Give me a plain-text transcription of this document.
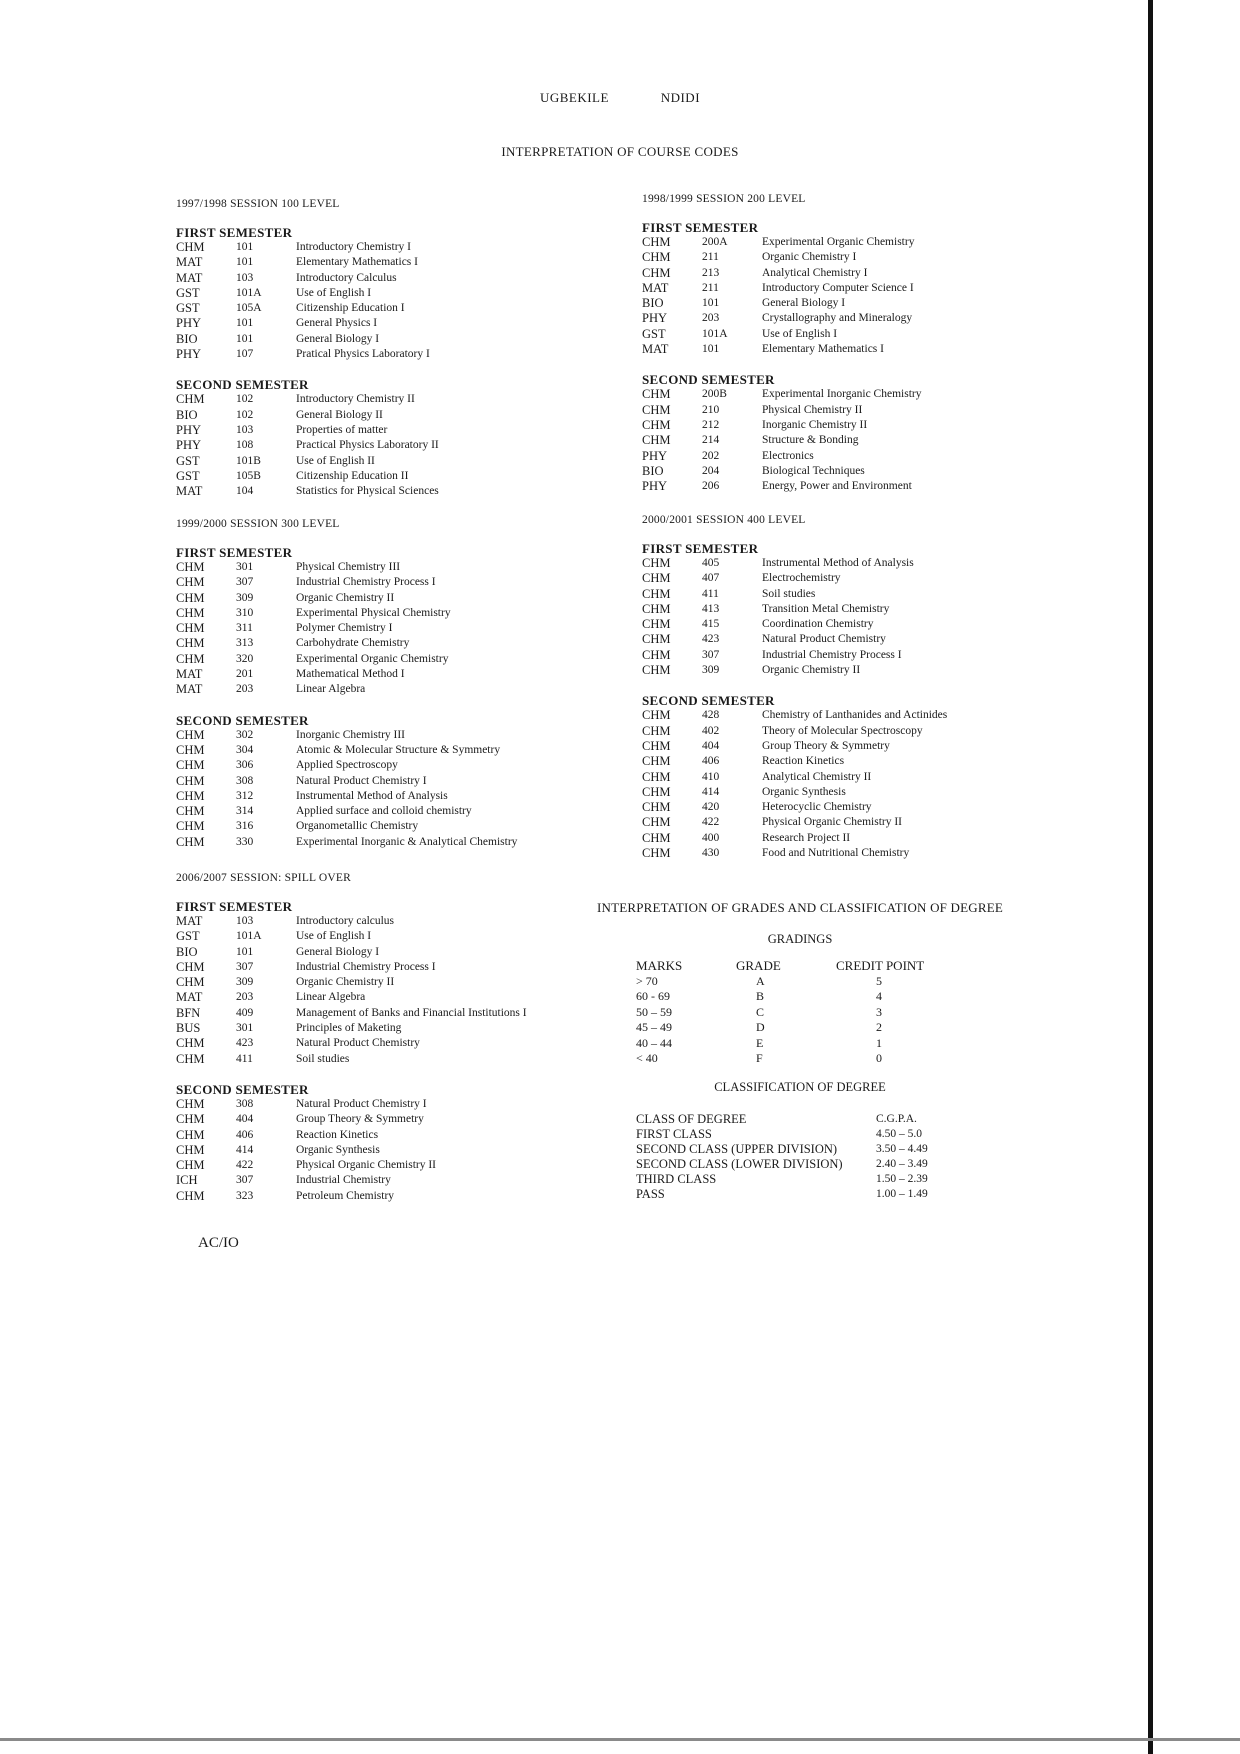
UGBEKILE	NDIDI
INTERPRETATION OF COURSE CODES
1997/1998 SESSION 100 LEVEL
FIRST SEMESTER
CHM	101	Introductory Chemistry I
MAT	101	Elementary Mathematics I
MAT	103	Introductory Calculus
GST	101A	Use of English I
GST	105A	Citizenship Education I
PHY	101	General Physics I
BIO	101	General Biology I
PHY	107	Pratical Physics Laboratory I
SECOND SEMESTER
CHM	102	Introductory Chemistry II
BIO	102	General Biology II
PHY	103	Properties of matter
PHY	108	Practical Physics Laboratory II
GST	101B	Use of English II
GST	105B	Citizenship Education II
MAT	104	Statistics for Physical Sciences
1998/1999 SESSION 200 LEVEL
FIRST SEMESTER
CHM	200A	Experimental Organic Chemistry
CHM	211	Organic Chemistry I
CHM	213	Analytical Chemistry I
MAT	211	Introductory Computer Science I
BIO	101	General Biology I
PHY	203	Crystallography and Mineralogy
GST	101A	Use of English I
MAT	101	Elementary Mathematics I
SECOND SEMESTER
CHM	200B	Experimental Inorganic Chemistry
CHM	210	Physical Chemistry II
CHM	212	Inorganic Chemistry II
CHM	214	Structure & Bonding
PHY	202	Electronics
BIO	204	Biological Techniques
PHY	206	Energy, Power and Environment
1999/2000 SESSION 300 LEVEL
FIRST SEMESTER
CHM	301	Physical Chemistry III
CHM	307	Industrial Chemistry Process I
CHM	309	Organic Chemistry II
CHM	310	Experimental Physical Chemistry
CHM	311	Polymer Chemistry I
CHM	313	Carbohydrate Chemistry
CHM	320	Experimental Organic Chemistry
MAT	201	Mathematical Method I
MAT	203	Linear Algebra
SECOND SEMESTER
CHM	302	Inorganic Chemistry III
CHM	304	Atomic & Molecular Structure & Symmetry
CHM	306	Applied Spectroscopy
CHM	308	Natural Product Chemistry I
CHM	312	Instrumental Method of Analysis
CHM	314	Applied surface and colloid chemistry
CHM	316	Organometallic Chemistry
CHM	330	Experimental Inorganic & Analytical Chemistry
2000/2001 SESSION 400 LEVEL
FIRST SEMESTER
CHM	405	Instrumental Method of Analysis
CHM	407	Electrochemistry
CHM	411	Soil studies
CHM	413	Transition Metal Chemistry
CHM	415	Coordination Chemistry
CHM	423	Natural Product Chemistry
CHM	307	Industrial Chemistry Process I
CHM	309	Organic Chemistry II
SECOND SEMESTER
CHM	428	Chemistry of Lanthanides and Actinides
CHM	402	Theory of Molecular Spectroscopy
CHM	404	Group Theory & Symmetry
CHM	406	Reaction Kinetics
CHM	410	Analytical Chemistry II
CHM	414	Organic Synthesis
CHM	420	Heterocyclic Chemistry
CHM	422	Physical Organic Chemistry II
CHM	400	Research Project II
CHM	430	Food and Nutritional Chemistry
2006/2007 SESSION: SPILL OVER
FIRST SEMESTER
MAT	103	Introductory calculus
GST	101A	Use of English I
BIO	101	General Biology I
CHM	307	Industrial Chemistry Process I
CHM	309	Organic Chemistry II
MAT	203	Linear Algebra
BFN	409	Management of Banks and Financial Institutions I
BUS	301	Principles of Maketing
CHM	423	Natural Product Chemistry
CHM	411	Soil studies
SECOND SEMESTER
CHM	308	Natural Product Chemistry I
CHM	404	Group Theory & Symmetry
CHM	406	Reaction Kinetics
CHM	414	Organic Synthesis
CHM	422	Physical Organic Chemistry II
ICH	307	Industrial Chemistry
CHM	323	Petroleum Chemistry
INTERPRETATION OF GRADES AND CLASSIFICATION OF DEGREE
GRADINGS
MARKS	GRADE	CREDIT POINT
> 70	A	5
60 - 69	B	4
50 – 59	C	3
45 – 49	D	2
40 – 44	E	1
< 40	F	0
CLASSIFICATION OF DEGREE
CLASS OF DEGREE	C.G.P.A.
FIRST CLASS	4.50 – 5.0
SECOND CLASS (UPPER DIVISION)	3.50 – 4.49
SECOND CLASS (LOWER DIVISION)	2.40 – 3.49
THIRD CLASS	1.50 – 2.39
PASS	1.00 – 1.49
AC/IO
